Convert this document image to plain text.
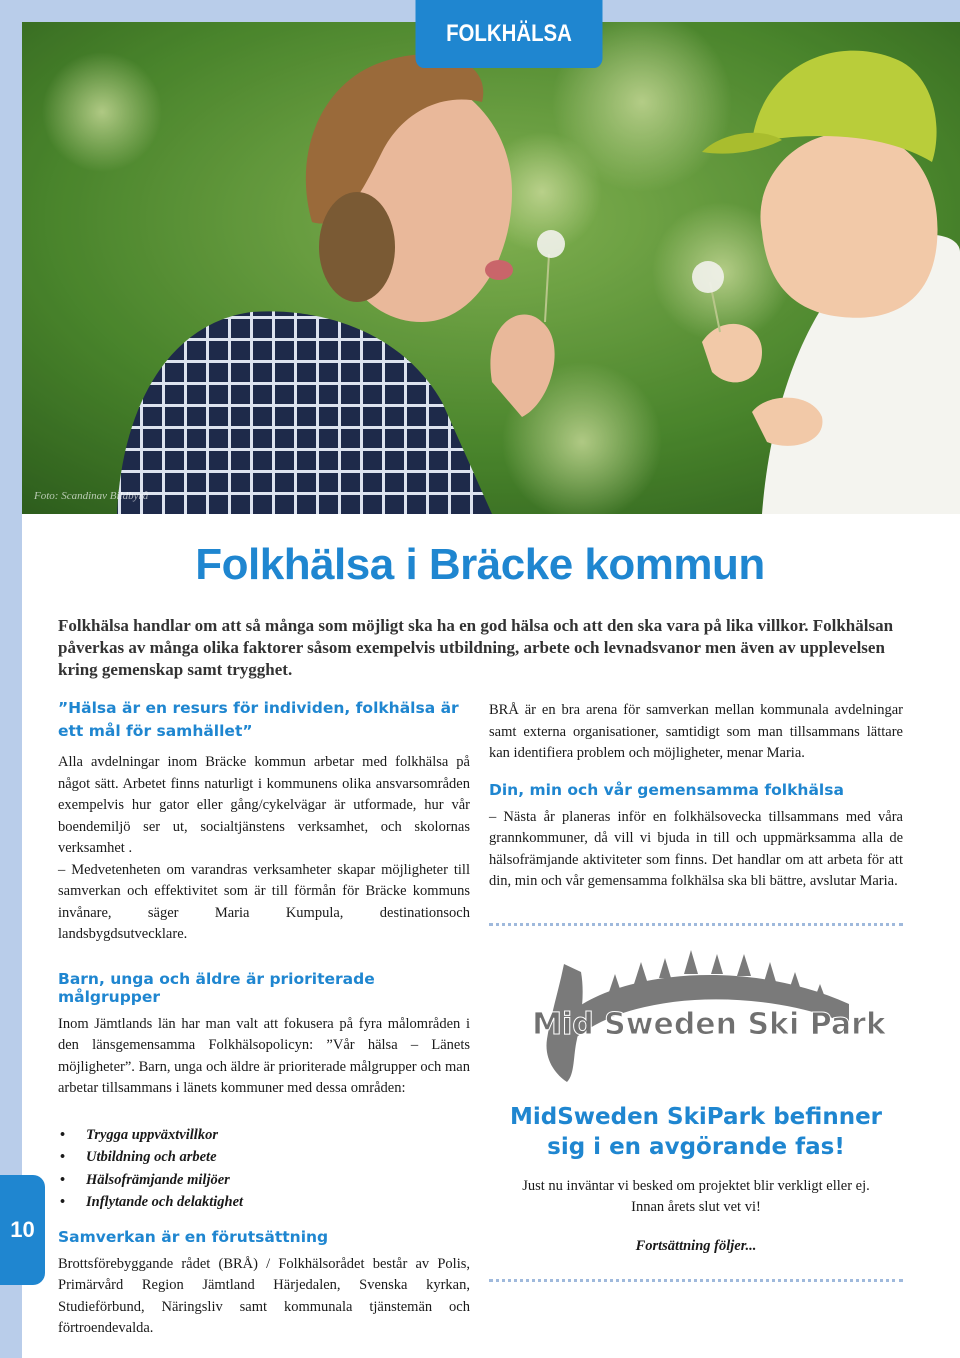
Foto: Scandinav Bildbyrå
FOLKHÄLSA
Folkhälsa i Bräcke kommun
Folkhälsa handlar om att så många som möjligt ska ha en god hälsa och att den ska vara på lika villkor. Folkhälsan påverkas av många olika faktorer såsom exempelvis utbildning, arbete och levnadsvanor men även av upplevelsen kring gemenskap samt trygghet.

”Hälsa är en resurs för individen, folkhälsa är ett mål för samhället”

Alla avdelningar inom Bräcke kommun arbetar med folkhälsa på något sätt. Arbetet finns naturligt i kommunens olika ansvarsområden exempelvis hur gator eller gång/cykelvägar är utformade, hur vår boendemiljö ser ut, socialtjänstens verksamhet, och skolornas verksamhet .

– Medvetenheten om varandras verksamheter skapar möjligheter till samverkan och effektivitet som är till förmån för Bräcke kommuns invånare, säger Maria Kumpula, destinationsoch landsbygdsutvecklare.

Barn, unga och äldre är prioriterade målgrupper

Inom Jämtlands län har man valt att fokusera på fyra målområden i den länsgemensamma Folkhälsopolicyn: ”Vår hälsa – Länets möjligheter”. Barn, unga och äldre är prioriterade målgrupper och man arbetar tillsammans i länets kommuner med dessa områden:

• Trygga uppväxtvillkor
• Utbildning och arbete
• Hälsofrämjande miljöer
• Inflytande och delaktighet

Samverkan är en förutsättning

Brottsförebyggande rådet (BRÅ) / Folkhälsorådet består av Polis, Primärvård Region Jämtland Härjedalen, Svenska kyrkan, Studieförbund, Näringsliv samt kommunala tjänstemän och förtroendevalda.

BRÅ är en bra arena för samverkan mellan kommunala avdelningar samt externa organisationer, samtidigt som man tillsammans lättare kan identifiera problem och möjligheter, menar Maria.

Din, min och vår gemensamma folkhälsa

– Nästa år planeras inför en folkhälsovecka tillsammans med våra grannkommuner, då vill vi bjuda in till och uppmärksamma alla de hälsofrämjande aktiviteter som finns. Det handlar om att arbeta för att din, min och vår gemensamma folkhälsa ska bli bättre, avslutar Maria.

Mid Sweden Ski Park
MidSweden SkiPark befinner sig i en avgörande fas!
Just nu inväntar vi besked om projektet blir verkligt eller ej. Innan årets slut vet vi!
Fortsättning följer...
10
